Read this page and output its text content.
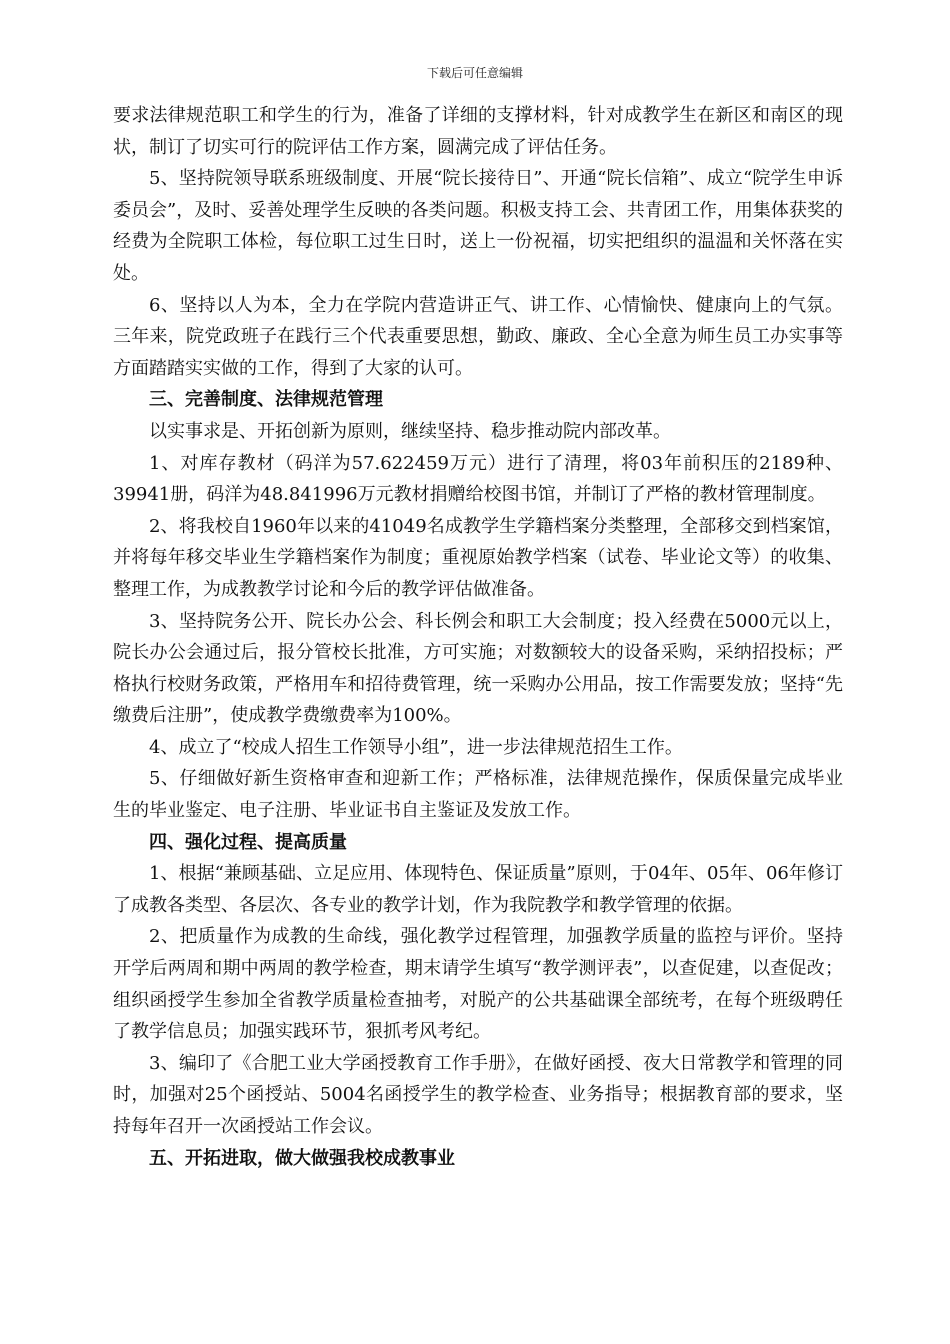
下载后可任意编辑

要求法律规范职工和学生的行为，准备了详细的支撑材料，针对成教学生在新区和南区的现状，制订了切实可行的院评估工作方案，圆满完成了评估任务。

5、坚持院领导联系班级制度、开展“院长接待日”、开通“院长信箱”、成立“院学生申诉委员会”，及时、妥善处理学生反映的各类问题。积极支持工会、共青团工作，用集体获奖的经费为全院职工体检，每位职工过生日时，送上一份祝福，切实把组织的温温和关怀落在实处。

6、坚持以人为本，全力在学院内营造讲正气、讲工作、心情愉快、健康向上的气氛。三年来，院党政班子在践行三个代表重要思想，勤政、廉政、全心全意为师生员工办实事等方面踏踏实实做的工作，得到了大家的认可。

三、完善制度、法律规范管理

以实事求是、开拓创新为原则，继续坚持、稳步推动院内部改革。

1、对库存教材（码洋为57.622459万元）进行了清理，将03年前积压的2189种、39941册，码洋为48.841996万元教材捐赠给校图书馆，并制订了严格的教材管理制度。

2、将我校自1960年以来的41049名成教学生学籍档案分类整理，全部移交到档案馆，并将每年移交毕业生学籍档案作为制度；重视原始教学档案（试卷、毕业论文等）的收集、整理工作，为成教教学讨论和今后的教学评估做准备。

3、坚持院务公开、院长办公会、科长例会和职工大会制度；投入经费在5000元以上，院长办公会通过后，报分管校长批准，方可实施；对数额较大的设备采购，采纳招投标；严格执行校财务政策，严格用车和招待费管理，统一采购办公用品，按工作需要发放；坚持“先缴费后注册”，使成教学费缴费率为100%。

4、成立了“校成人招生工作领导小组”，进一步法律规范招生工作。

5、仔细做好新生资格审查和迎新工作；严格标准，法律规范操作，保质保量完成毕业生的毕业鉴定、电子注册、毕业证书自主鉴证及发放工作。

四、强化过程、提高质量

1、根据“兼顾基础、立足应用、体现特色、保证质量”原则，于04年、05年、06年修订了成教各类型、各层次、各专业的教学计划，作为我院教学和教学管理的依据。

2、把质量作为成教的生命线，强化教学过程管理，加强教学质量的监控与评价。坚持开学后两周和期中两周的教学检查，期末请学生填写“教学测评表”，以查促建，以查促改；组织函授学生参加全省教学质量检查抽考，对脱产的公共基础课全部统考，在每个班级聘任了教学信息员；加强实践环节，狠抓考风考纪。

3、编印了《合肥工业大学函授教育工作手册》，在做好函授、夜大日常教学和管理的同时，加强对25个函授站、5004名函授学生的教学检查、业务指导；根据教育部的要求，坚持每年召开一次函授站工作会议。

五、开拓进取，做大做强我校成教事业
